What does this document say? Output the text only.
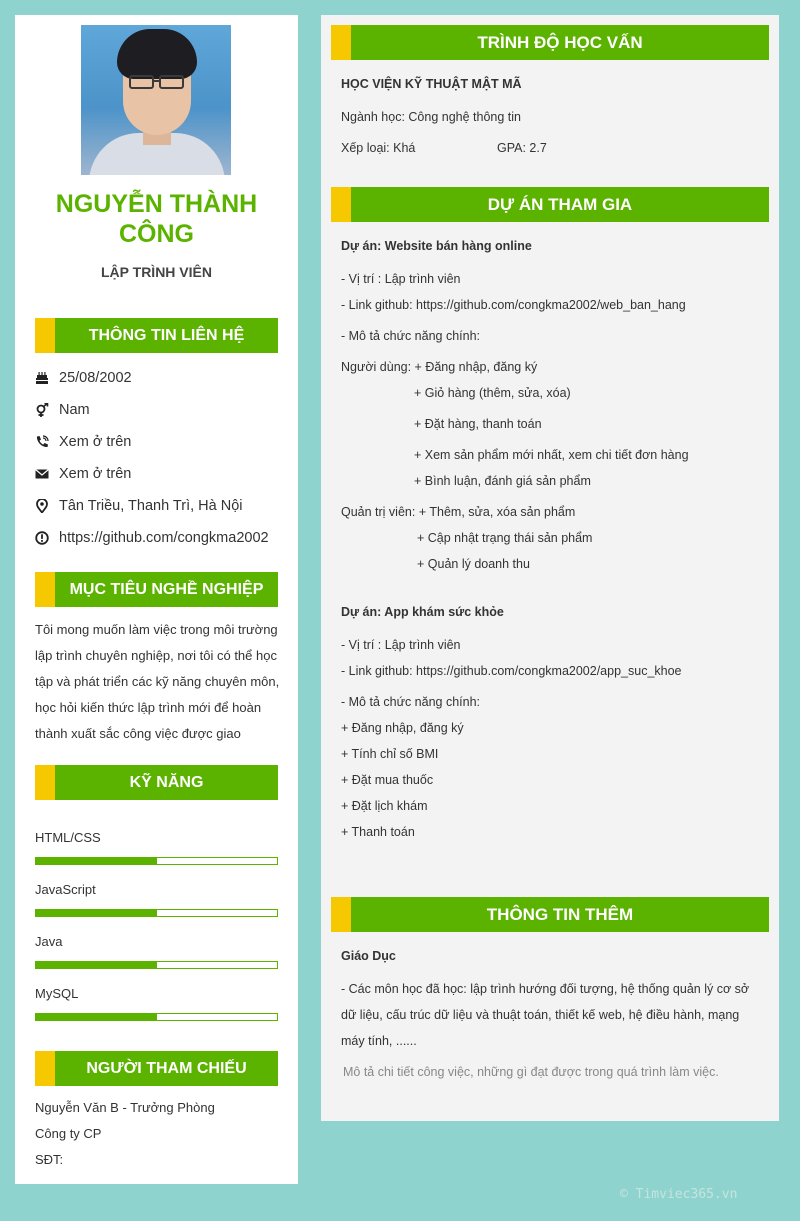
NGUYỄN THÀNH CÔNG
LẬP TRÌNH VIÊN
THÔNG TIN LIÊN HỆ
25/08/2002
Nam
Xem ở trên
Xem ở trên
Tân Triều, Thanh Trì, Hà Nội
https://github.com/congkma2002
MỤC TIÊU NGHỀ NGHIỆP
Tôi mong muốn làm việc trong môi trường
lập trình chuyên nghiệp, nơi tôi có thể học
tập và phát triển các kỹ năng chuyên môn,
học hỏi kiến thức lập trình mới để hoàn
thành xuất sắc công việc được giao
KỸ NĂNG
HTML/CSS
JavaScript
Java
MySQL
NGƯỜI THAM CHIẾU
Nguyễn Văn B - Trưởng Phòng
Công ty CP
SĐT:
TRÌNH ĐỘ HỌC VẤN
HỌC VIỆN KỸ THUẬT MẬT MÃ
Ngành học: Công nghệ thông tin
Xếp loại: Khá	GPA: 2.7
DỰ ÁN THAM GIA
Dự án: Website bán hàng online
- Vị trí : Lập trình viên
- Link github: https://github.com/congkma2002/web_ban_hang
- Mô tả chức năng chính:
Người dùng: + Đăng nhập, đăng ký
+ Giỏ hàng (thêm, sửa, xóa)
+ Đặt hàng, thanh toán
+ Xem sản phẩm mới nhất, xem chi tiết đơn hàng
+ Bình luận, đánh giá sản phẩm
Quản trị viên: + Thêm, sửa, xóa sản phẩm
+ Cập nhật trạng thái sản phẩm
+ Quản lý doanh thu
Dự án: App khám sức khỏe
- Vị trí : Lập trình viên
- Link github: https://github.com/congkma2002/app_suc_khoe
- Mô tả chức năng chính:
+ Đăng nhập, đăng ký
+ Tính chỉ số BMI
+ Đặt mua thuốc
+ Đặt lịch khám
+ Thanh toán
THÔNG TIN THÊM
Giáo Dục
- Các môn học đã học: lập trình hướng đối tượng, hệ thống quản lý cơ sở dữ liệu, cấu trúc dữ liệu và thuật toán, thiết kế web, hệ điều hành, mạng máy tính, ......
Mô tả chi tiết công việc, những gì đạt được trong quá trình làm việc.
© Timviec365.vn
